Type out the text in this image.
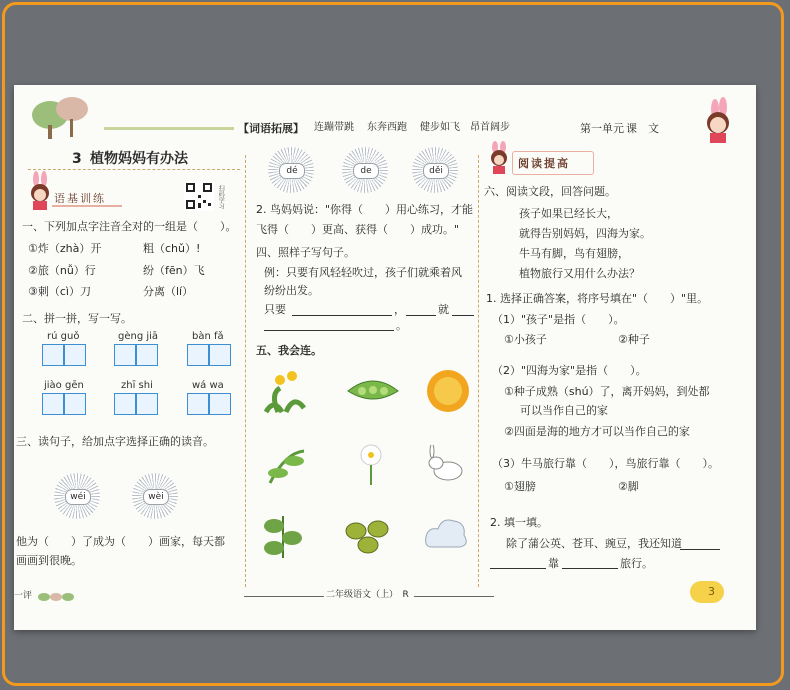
【词语拓展】 连蹦带跳 东奔西跑 健步如飞 昂首阔步	第一单元 课　文
3 植物妈妈有办法
语基训练	扫码学习
一、下列加点字注音全对的一组是（　　）。
①炸（zhà）开	粗（chǔ）!
②旅（nǚ）行	纷（fēn）飞
③刺（cì）刀	分离（lí）
二、拼一拼，写一写。
rú guǒ	gèng jiā	bàn fǎ
jiào gēn	zhī shi	wá wa
三、读句子，给加点字选择正确的读音。
wéi	wèi
他为（　　）了成为（　　）画家，每天都
画画到很晚。
dé	de	děi
2. 鸟妈妈说："你得（　　）用心练习，才能
飞得（　　）更高、获得（　　）成功。"
四、照样子写句子。
例：只要有风轻轻吹过，孩子们就乘着风
纷纷出发。
只要	，	就
。
五、我会连。
阅读提高
六、阅读文段，回答问题。
孩子如果已经长大，
就得告别妈妈，四海为家。
牛马有脚，鸟有翅膀，
植物旅行又用什么办法？
1. 选择正确答案，将序号填在"（　　）"里。
（1）"孩子"是指（　　）。
①小孩子	②种子
（2）"四海为家"是指（　　）。
①种子成熟（shú）了，离开妈妈，到处都
可以当作自己的家
②四面是海的地方才可以当作自己的家
（3）牛马旅行靠（　　），鸟旅行靠（　　）。
①翅膀	②脚
2. 填一填。
除了蒲公英、苍耳、豌豆，我还知道
靠	旅行。
一评	二年级语文（上）　R	3
